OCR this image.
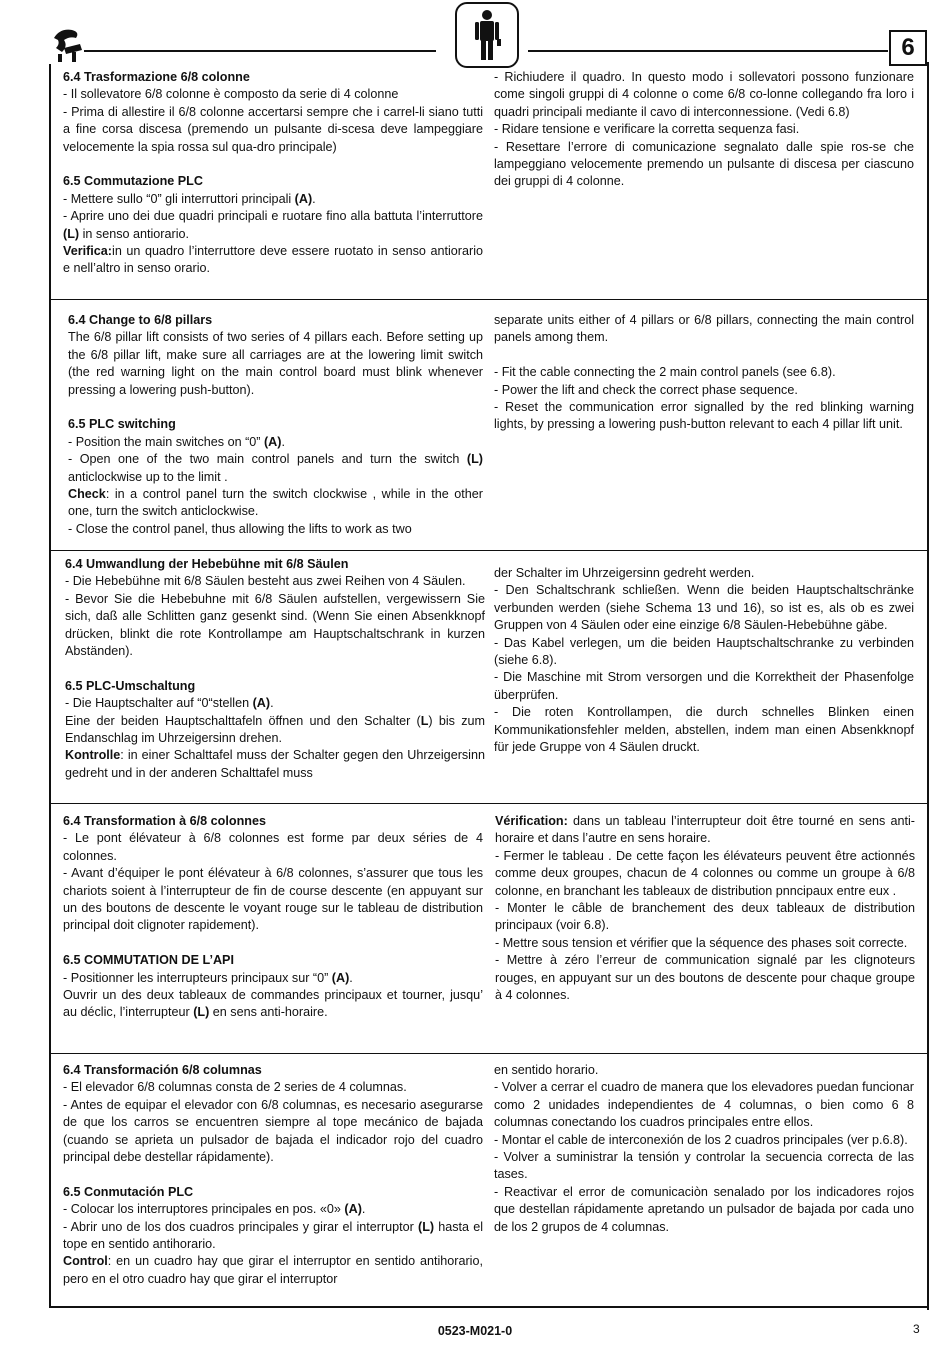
6

6.4 Trasformazione 6/8 colonne

- Il sollevatore 6/8 colonne è composto da serie di 4 colonne

- Prima di allestire il 6/8 colonne accertarsi sempre che i carrel-li siano tutti a fine corsa discesa (premendo un pulsante di-scesa deve lampeggiare velocemente la spia rossa sul qua-dro principale)

6.5 Commutazione PLC

- Mettere sullo “0” gli interruttori principali (A).

- Aprire uno dei due quadri principali e ruotare fino alla battuta l’interruttore (L) in senso antiorario.

Verifica:in un quadro l’interruttore deve essere ruotato in senso antiorario e nell’altro in senso orario.

- Richiudere il quadro. In questo modo i sollevatori possono funzionare come singoli gruppi di 4 colonne o come 6/8 co-lonne collegando fra loro i quadri principali mediante il cavo di interconnessione. (Vedi 6.8)

- Ridare tensione e verificare la corretta sequenza fasi.

- Resettare l’errore di comunicazione segnalato dalle spie ros-se che lampeggiano velocemente premendo un pulsante di discesa per ciascuno dei gruppi di 4 colonne.

6.4 Change to 6/8 pillars

The 6/8 pillar lift consists of two series of 4 pillars each. Before setting up the 6/8 pillar lift, make sure all carriages are at the lowering limit switch (the red warning light on the main control board must blink whenever pressing a lowering push-button).

6.5 PLC switching

- Position the main switches on “0” (A).

- Open one of the two main control panels and turn the switch (L) anticlockwise up to the limit .

Check: in a control panel turn the switch clockwise , while in the other one, turn the switch anticlockwise.

- Close the control panel, thus allowing the lifts to work as two

separate units either of 4 pillars or 6/8 pillars, connecting the main control panels among them.

- Fit the cable connecting the 2 main control panels (see 6.8).

- Power the lift and check the correct phase sequence.

- Reset the communication error signalled by the red blinking warning lights, by pressing a lowering push-button relevant to each 4 pillar lift unit.

6.4 Umwandlung der Hebebühne mit 6/8 Säulen

- Die Hebebühne mit 6/8 Säulen besteht aus zwei Reihen von 4 Säulen.

- Bevor Sie die Hebebuhne mit 6/8 Säulen aufstellen, vergewissern Sie sich, daß alle Schlitten ganz gesenkt sind. (Wenn Sie einen Absenkknopf drücken, blinkt die rote Kontrollampe am Hauptschaltschrank in kurzen Abständen).

6.5 PLC-Umschaltung

- Die Hauptschalter auf “0“stellen (A).

Eine der beiden Hauptschalttafeln öffnen und den Schalter (L) bis zum Endanschlag im Uhrzeigersinn drehen.

Kontrolle: in einer Schalttafel muss der Schalter gegen den Uhrzeigersinn gedreht und in der anderen Schalttafel muss

der Schalter im Uhrzeigersinn gedreht werden.

- Den Schaltschrank schließen. Wenn die beiden Hauptschaltschränke verbunden werden (siehe Schema 13 und 16), so ist es, als ob es zwei Gruppen von 4 Säulen oder eine einzige 6/8 Säulen-Hebebühne gäbe.

- Das Kabel verlegen, um die beiden Hauptschaltschranke zu verbinden (siehe 6.8).

- Die Maschine mit Strom versorgen und die Korrektheit der Phasenfolge überprüfen.

- Die roten Kontrollampen, die durch schnelles Blinken einen Kommunikationsfehler melden, abstellen, indem man einen Absenkknopf für jede Gruppe von 4 Säulen druckt.

6.4 Transformation à 6/8 colonnes

- Le pont élévateur à 6/8 colonnes est forme par deux séries de 4 colonnes.

- Avant d’équiper le pont élévateur à 6/8 colonnes, s’assurer que tous les chariots soient à l’interrupteur de fin de course descente (en appuyant sur un des boutons de descente le voyant rouge sur le tableau de distribution principal doit clignoter rapidement).

6.5 COMMUTATION DE L’API

- Positionner les interrupteurs principaux sur “0” (A).

Ouvrir un des deux tableaux de commandes principaux et tourner, jusqu’ au déclic, l’interrupteur (L) en sens anti-horaire.

Vérification: dans un tableau l’interrupteur doit être tourné en sens anti-horaire et dans l’autre en sens horaire.

- Fermer le tableau . De cette façon les élévateurs peuvent être actionnés comme deux groupes, chacun de 4 colonnes ou comme un groupe à 6/8 colonne, en branchant les tableaux de distribution pnncipaux entre eux .

- Monter le câble de branchement des deux tableaux de distribution principaux (voir 6.8).

- Mettre sous tension et vérifier que la séquence des phases soit correcte.

- Mettre à zéro l’erreur de communication signalé par les clignoteurs rouges, en appuyant sur un des boutons de descente pour chaque groupe à 4 colonnes.

6.4 Transformación 6/8 columnas

- El elevador 6/8 columnas consta de 2 series de 4 columnas.

- Antes de equipar el elevador con 6/8 columnas, es necesario asegurarse de que los carros se encuentren siempre al tope mecánico de bajada (cuando se aprieta un pulsador de bajada el indicador rojo del cuadro principal debe destellar rápidamente).

6.5 Conmutación PLC

- Colocar los interruptores principales en pos. «0» (A).

- Abrir uno de los dos cuadros principales y girar el interruptor (L) hasta el tope en sentido antihorario.

Control: en un cuadro hay que girar el interruptor en sentido antihorario, pero en el otro cuadro hay que girar el interruptor

en sentido horario.

- Volver a cerrar el cuadro de manera que los elevadores puedan funcionar como 2 unidades independientes de 4 columnas, o bien como 6 8 columnas conectando los cuadros principales entre ellos.

- Montar el cable de interconexión de los 2 cuadros principales (ver p.6.8).

- Volver a suministrar la tensión y controlar la secuencia correcta de las tases.

- Reactivar el error de comunicaciòn senalado por los indicadores rojos que destellan rápidamente apretando un pulsador de bajada por cada uno de los 2 grupos de 4 columnas.

0523-M021-0	3
